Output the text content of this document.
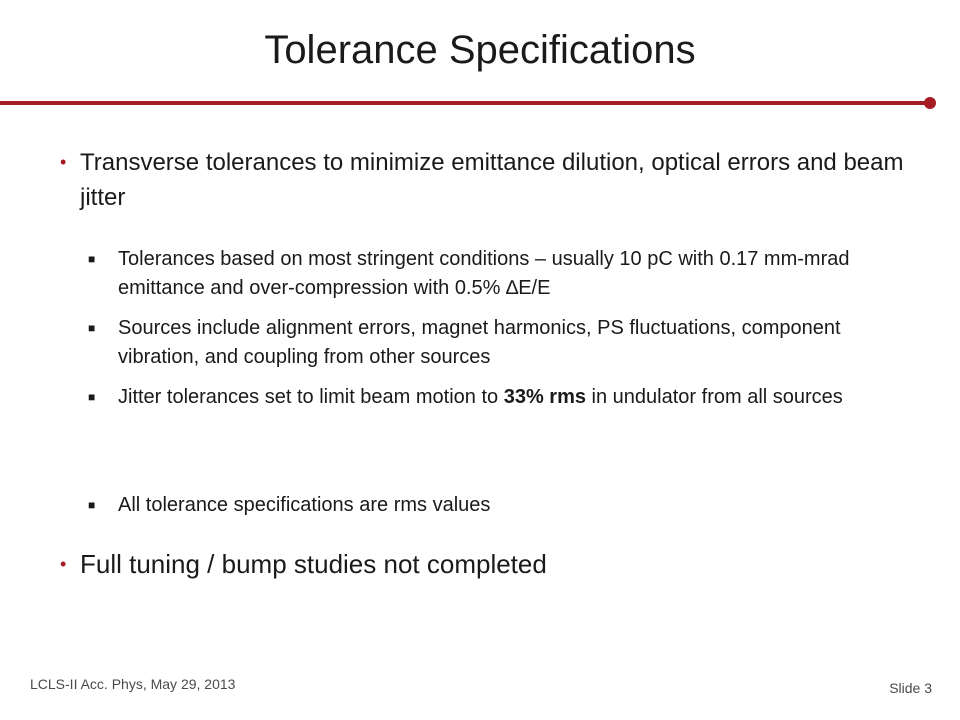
Tolerance Specifications
• Transverse tolerances to minimize emittance dilution, optical errors and beam jitter
■ Tolerances based on most stringent conditions – usually 10 pC with 0.17 mm-mrad emittance and over-compression with 0.5% ∆E/E
■ Sources include alignment errors, magnet harmonics, PS fluctuations, component vibration, and coupling from other sources
■ Jitter tolerances set to limit beam motion to 33% rms in undulator from all sources
■ All tolerance specifications are rms values
• Full tuning / bump studies not completed
LCLS-II Acc. Phys, May 29, 2013	Slide 3
